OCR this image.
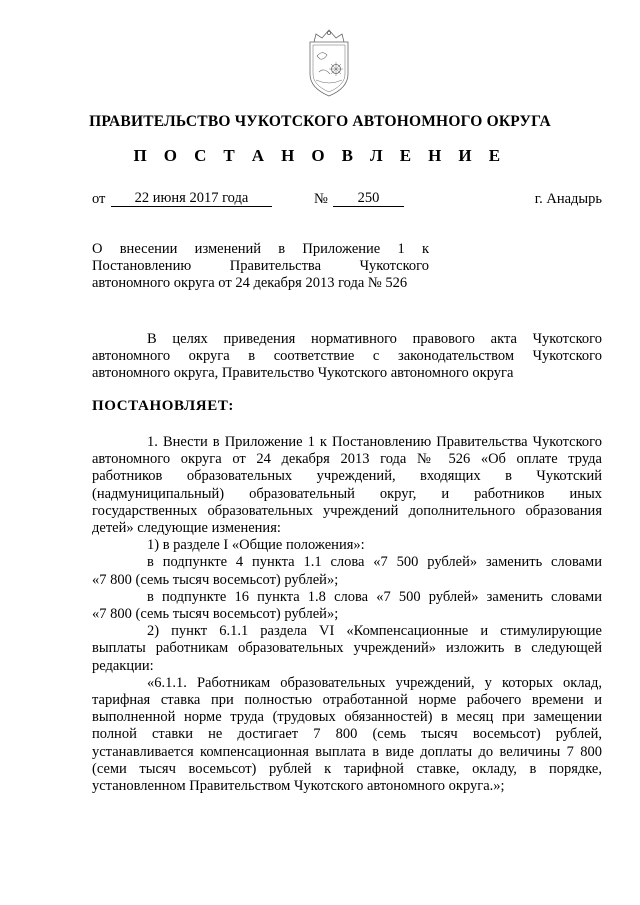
ПРАВИТЕЛЬСТВО ЧУКОТСКОГО АВТОНОМНОГО ОКРУГА
П О С Т А Н О В Л Е Н И Е
от	22 июня 2017 года	№	250	г. Анадырь
О внесении изменений в Приложение 1 к
Постановлению Правительства Чукотского
автономного округа от 24 декабря 2013 года № 526
В целях приведения нормативного правового акта Чукотского
автономного округа в соответствие с законодательством Чукотского
автономного округа, Правительство Чукотского автономного округа
ПОСТАНОВЛЯЕТ:
1. Внести в Приложение 1 к Постановлению Правительства Чукотского
автономного округа от 24 декабря 2013 года № 526 «Об оплате труда
работников образовательных учреждений, входящих в Чукотский
(надмуниципальный) образовательный округ, и работников иных
государственных образовательных учреждений дополнительного образования
детей» следующие изменения:
1) в разделе I «Общие положения»:
в подпункте 4 пункта 1.1 слова «7 500 рублей» заменить словами
«7 800 (семь тысяч восемьсот) рублей»;
в подпункте 16 пункта 1.8 слова «7 500 рублей» заменить словами
«7 800 (семь тысяч восемьсот) рублей»;
2) пункт 6.1.1 раздела VI «Компенсационные и стимулирующие
выплаты работникам образовательных учреждений» изложить в следующей
редакции:
«6.1.1. Работникам образовательных учреждений, у которых оклад,
тарифная ставка при полностью отработанной норме рабочего времени и
выполненной норме труда (трудовых обязанностей) в месяц при замещении
полной ставки не достигает 7 800 (семь тысяч восемьсот) рублей,
устанавливается компенсационная выплата в виде доплаты до величины 7 800
(семи тысяч восемьсот) рублей к тарифной ставке, окладу, в порядке,
установленном Правительством Чукотского автономного округа.»;
